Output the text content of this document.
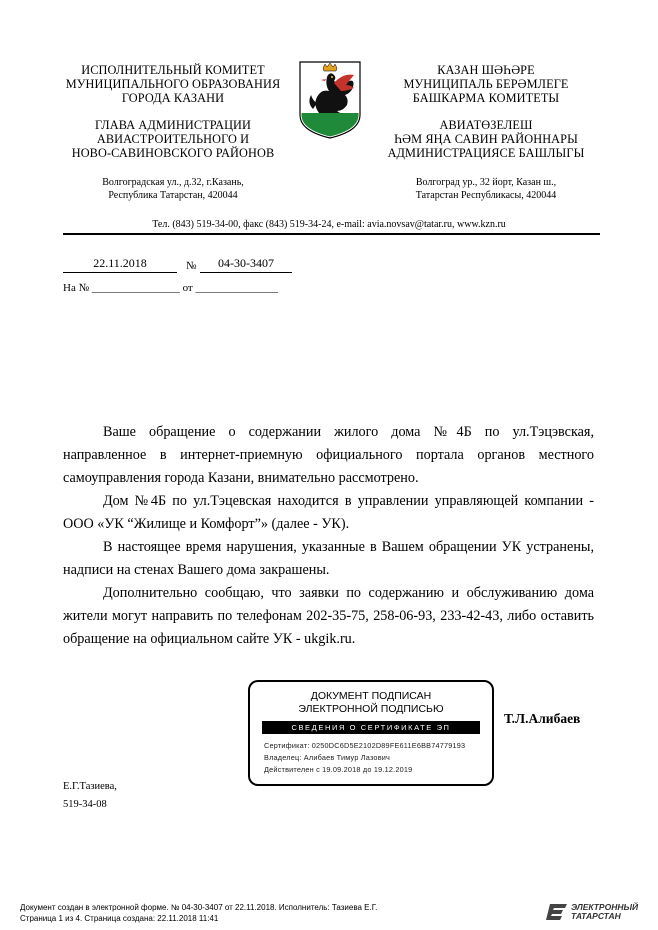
ИСПОЛНИТЕЛЬНЫЙ КОМИТЕТ
МУНИЦИПАЛЬНОГО ОБРАЗОВАНИЯ
ГОРОДА КАЗАНИ
ГЛАВА АДМИНИСТРАЦИИ
АВИАСТРОИТЕЛЬНОГО И
НОВО-САВИНОВСКОГО РАЙОНОВ
Волгоградская ул., д.32, г.Казань,
Республика Татарстан, 420044
КАЗАН ШӘҺӘРЕ
МУНИЦИПАЛЬ БЕРӘМЛЕГЕ
БАШКАРМА КОМИТЕТЫ
АВИАТӨЗЕЛЕШ
ҺӘМ ЯҢА САВИН РАЙОННАРЫ
АДМИНИСТРАЦИЯСЕ БАШЛЫГЫ
Волгоград ур., 32 йорт, Казан ш.,
Татарстан Республикасы, 420044
Тел. (843) 519-34-00, факс (843) 519-34-24, e-mail: avia.novsav@tatar.ru, www.kzn.ru
22.11.2018	№	04-30-3407
На № ________________ от _______________

Ваше обращение о содержании жилого дома №4Б по ул.Тэцэвская, направленное в интернет-приемную официального портала органов местного самоуправления города Казани, внимательно рассмотрено.

Дом №4Б по ул.Тэцевская находится в управлении управляющей компании - ООО «УК “Жилище и Комфорт”» (далее - УК).

В настоящее время нарушения, указанные в Вашем обращении УК устранены, надписи на стенах Вашего дома закрашены.

Дополнительно сообщаю, что заявки по содержанию и обслуживанию дома жители могут направить по телефонам 202-35-75, 258-06-93, 233-42-43, либо оставить обращение на официальном сайте УК - ukgik.ru.

ДОКУМЕНТ ПОДПИСАН
ЭЛЕКТРОННОЙ ПОДПИСЬЮ
СВЕДЕНИЯ О СЕРТИФИКАТЕ ЭП
Сертификат: 0250DC6D5E2102D89FE611E6BB74779193
Владелец: Алибаев Тимур Лазович
Действителен с 19.09.2018 до 19.12.2019
Т.Л.Алибаев
Е.Г.Тазиева,
519-34-08
Документ создан в электронной форме. № 04-30-3407 от 22.11.2018. Исполнитель: Тазиева Е.Г.
Страница 1 из 4. Страница создана: 22.11.2018 11:41
ЭЛЕКТРОННЫЙ
ТАТАРСТАН
